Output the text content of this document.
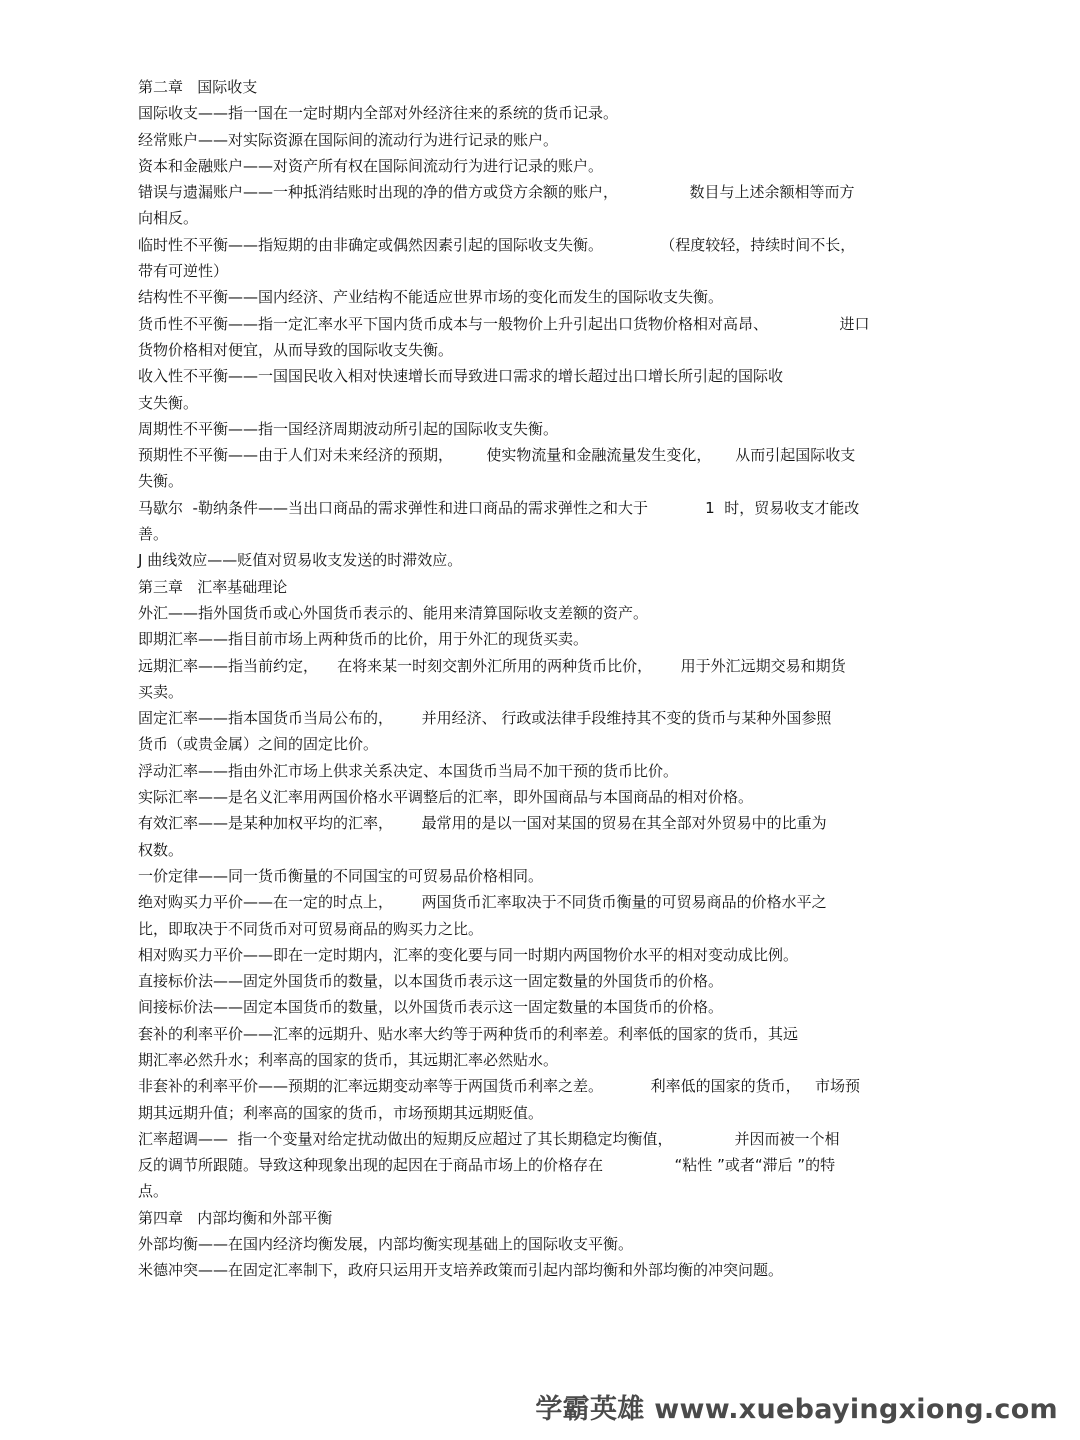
第二章   国际收支
国际收支——指一国在一定时期内全部对外经济往来的系统的货币记录。
经常账户——对实际资源在国际间的流动行为进行记录的账户。
资本和金融账户——对资产所有权在国际间流动行为进行记录的账户。
错误与遗漏账户——一种抵消结账时出现的净的借方或贷方余额的账户，               数目与上述余额相等而方
向相反。
临时性不平衡——指短期的由非确定或偶然因素引起的国际收支失衡。            （程度较轻，持续时间不长，
带有可逆性）
结构性不平衡——国内经济、产业结构不能适应世界市场的变化而发生的国际收支失衡。
货币性不平衡——指一定汇率水平下国内货币成本与一般物价上升引起出口货物价格相对高昂、               进口
货物价格相对便宜，从而导致的国际收支失衡。
收入性不平衡——一国国民收入相对快速增长而导致进口需求的增长超过出口增长所引起的国际收
支失衡。
周期性不平衡——指一国经济周期波动所引起的国际收支失衡。
预期性不平衡——由于人们对未来经济的预期，       使实物流量和金融流量发生变化，     从而引起国际收支
失衡。
马歇尔  -勒纳条件——当出口商品的需求弹性和进口商品的需求弹性之和大于            1  时，贸易收支才能改
善。
J 曲线效应——贬值对贸易收支发送的时滞效应。
第三章   汇率基础理论
外汇——指外国货币或心外国货币表示的、能用来清算国际收支差额的资产。
即期汇率——指目前市场上两种货币的比价，用于外汇的现货买卖。
远期汇率——指当前约定，    在将来某一时刻交割外汇所用的两种货币比价，      用于外汇远期交易和期货
买卖。
固定汇率——指本国货币当局公布的，      并用经济、 行政或法律手段维持其不变的货币与某种外国参照
货币（或贵金属）之间的固定比价。
浮动汇率——指由外汇市场上供求关系决定、本国货币当局不加干预的货币比价。
实际汇率——是名义汇率用两国价格水平调整后的汇率，即外国商品与本国商品的相对价格。
有效汇率——是某种加权平均的汇率，      最常用的是以一国对某国的贸易在其全部对外贸易中的比重为
权数。
一价定律——同一货币衡量的不同国宝的可贸易品价格相同。
绝对购买力平价——在一定的时点上，      两国货币汇率取决于不同货币衡量的可贸易商品的价格水平之
比，即取决于不同货币对可贸易商品的购买力之比。
相对购买力平价——即在一定时期内，汇率的变化要与同一时期内两国物价水平的相对变动成比例。
直接标价法——固定外国货币的数量，以本国货币表示这一固定数量的外国货币的价格。
间接标价法——固定本国货币的数量，以外国货币表示这一固定数量的本国货币的价格。
套补的利率平价——汇率的远期升、贴水率大约等于两种货币的利率差。利率低的国家的货币，其远
期汇率必然升水；利率高的国家的货币，其远期汇率必然贴水。
非套补的利率平价——预期的汇率远期变动率等于两国货币利率之差。          利率低的国家的货币，   市场预
期其远期升值；利率高的国家的货币，市场预期其远期贬值。
汇率超调——  指一个变量对给定扰动做出的短期反应超过了其长期稳定均衡值，             并因而被一个相
反的调节所跟随。导致这种现象出现的起因在于商品市场上的价格存在               “粘性 ”或者“滞后 ”的特
点。
第四章   内部均衡和外部平衡
外部均衡——在国内经济均衡发展，内部均衡实现基础上的国际收支平衡。
米德冲突——在固定汇率制下，政府只运用开支培养政策而引起内部均衡和外部均衡的冲突问题。
学霸英雄 www.xuebayingxiong.com
